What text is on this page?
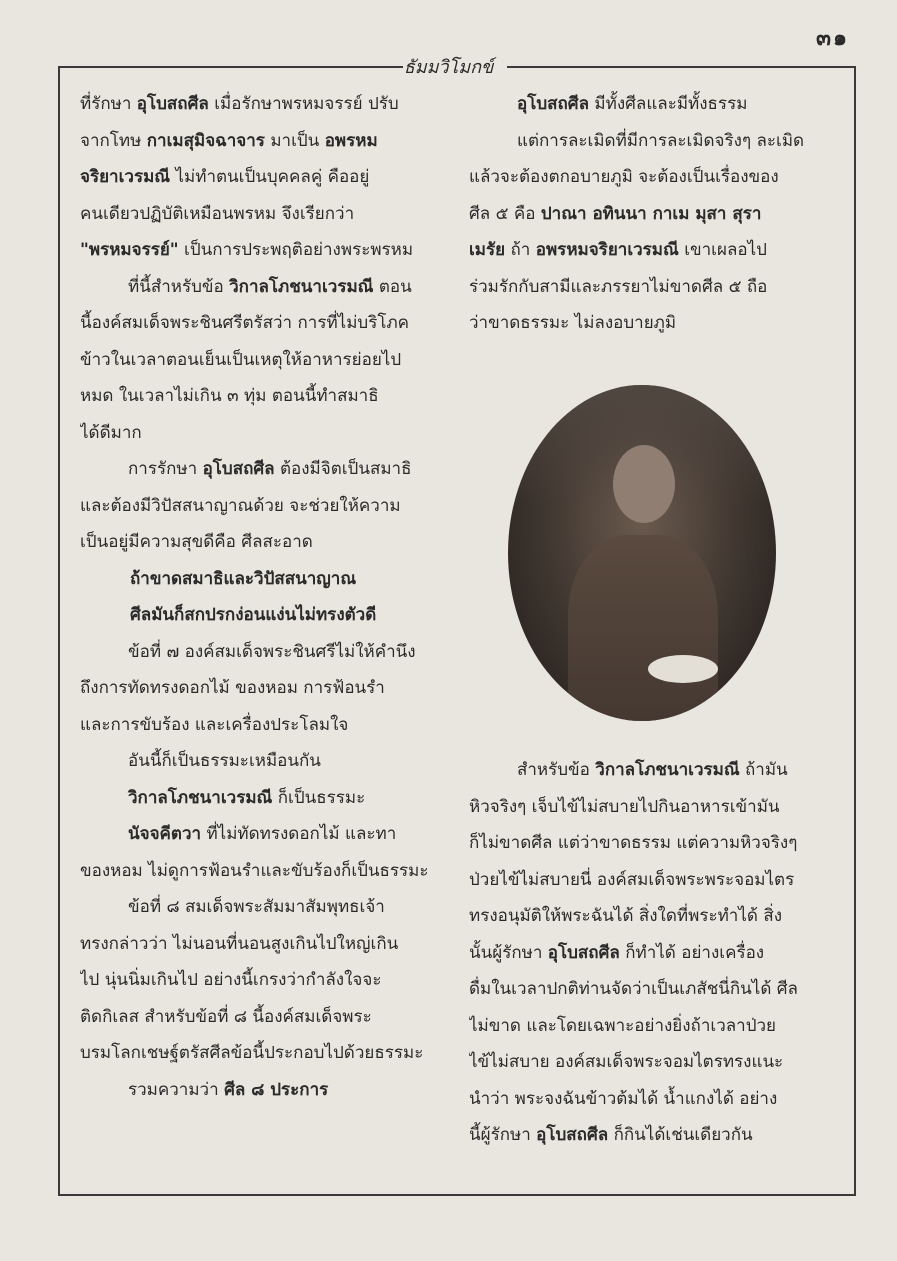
๓๑
ธัมมวิโมกข์
ที่รักษา อุโบสถศีล เมื่อรักษาพรหมจรรย์ ปรับ
จากโทษ กาเมสุมิจฉาจาร มาเป็น อพรหม
จริยาเวรมณี ไม่ทำตนเป็นบุคคลคู่ คืออยู่
คนเดียวปฏิบัติเหมือนพรหม จึงเรียกว่า
"พรหมจรรย์" เป็นการประพฤติอย่างพระพรหม
ที่นี้สำหรับข้อ วิกาลโภชนาเวรมณี ตอน
นี้องค์สมเด็จพระชินศรีตรัสว่า การที่ไม่บริโภค
ข้าวในเวลาตอนเย็นเป็นเหตุให้อาหารย่อยไป
หมด ในเวลาไม่เกิน ๓ ทุ่ม ตอนนี้ทำสมาธิ
ได้ดีมาก
การรักษา อุโบสถศีล ต้องมีจิตเป็นสมาธิ
และต้องมีวิปัสสนาญาณด้วย จะช่วยให้ความ
เป็นอยู่มีความสุขดีคือ ศีลสะอาด
ถ้าขาดสมาธิและวิปัสสนาญาณ
ศีลมันก็สกปรกง่อนแง่นไม่ทรงตัวดี
ข้อที่ ๗ องค์สมเด็จพระชินศรีไม่ให้คำนึง
ถึงการทัดทรงดอกไม้ ของหอม การฟ้อนรำ
และการขับร้อง และเครื่องประโลมใจ
อันนี้ก็เป็นธรรมะเหมือนกัน
วิกาลโภชนาเวรมณี ก็เป็นธรรมะ
นัจจคีตวา ที่ไม่ทัดทรงดอกไม้ และทา
ของหอม ไม่ดูการฟ้อนรำและขับร้องก็เป็นธรรมะ
ข้อที่ ๘ สมเด็จพระสัมมาสัมพุทธเจ้า
ทรงกล่าวว่า ไม่นอนที่นอนสูงเกินไปใหญ่เกิน
ไป นุ่นนิ่มเกินไป อย่างนี้เกรงว่ากำลังใจจะ
ติดกิเลส สำหรับข้อที่ ๘ นี้องค์สมเด็จพระ
บรมโลกเชษฐ์ตรัสศีลข้อนี้ประกอบไปด้วยธรรมะ
รวมความว่า ศีล ๘ ประการ
อุโบสถศีล มีทั้งศีลและมีทั้งธรรม
แต่การละเมิดที่มีการละเมิดจริงๆ ละเมิด
แล้วจะต้องตกอบายภูมิ จะต้องเป็นเรื่องของ
ศีล ๕ คือ ปาณา อทินนา กาเม มุสา สุรา
เมรัย ถ้า อพรหมจริยาเวรมณี เขาเผลอไป
ร่วมรักกับสามีและภรรยาไม่ขาดศีล ๕ ถือ
ว่าขาดธรรมะ ไม่ลงอบายภูมิ
สำหรับข้อ วิกาลโภชนาเวรมณี ถ้ามัน
หิวจริงๆ เจ็บไข้ไม่สบายไปกินอาหารเข้ามัน
ก็ไม่ขาดศีล แต่ว่าขาดธรรม แต่ความหิวจริงๆ
ป่วยไข้ไม่สบายนี่ องค์สมเด็จพระพระจอมไตร
ทรงอนุมัติให้พระฉันได้ สิ่งใดที่พระทำได้ สิ่ง
นั้นผู้รักษา อุโบสถศีล ก็ทำได้ อย่างเครื่อง
ดื่มในเวลาปกติท่านจัดว่าเป็นเภสัชนี่กินได้ ศีล
ไม่ขาด และโดยเฉพาะอย่างยิ่งถ้าเวลาป่วย
ไข้ไม่สบาย องค์สมเด็จพระจอมไตรทรงแนะ
นำว่า พระจงฉันข้าวต้มได้ น้ำแกงได้ อย่าง
นี้ผู้รักษา อุโบสถศีล ก็กินได้เช่นเดียวกัน
